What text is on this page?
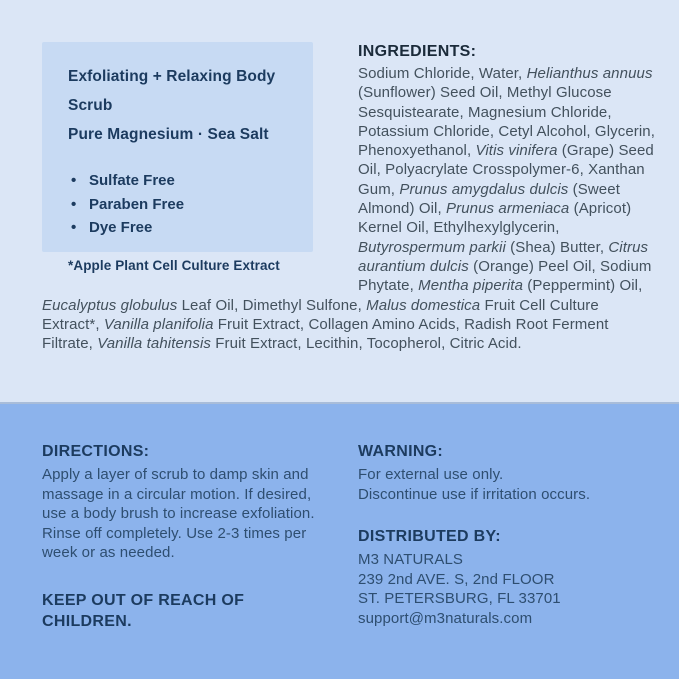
Exfoliating + Relaxing Body Scrub
Pure Magnesium · Sea Salt
• Sulfate Free
• Paraben Free
• Dye Free
*Apple Plant Cell Culture Extract
INGREDIENTS:

Sodium Chloride, Water, Helianthus annuus (Sunflower) Seed Oil, Methyl Glucose Sesquistearate, Magnesium Chloride, Potassium Chloride, Cetyl Alcohol, Glycerin, Phenoxyethanol, Vitis vinifera (Grape) Seed Oil, Polyacrylate Crosspolymer-6, Xanthan Gum, Prunus amygdalus dulcis (Sweet Almond) Oil, Prunus armeniaca (Apricot) Kernel Oil, Ethylhexylglycerin, Butyrospermum parkii (Shea) Butter, Citrus aurantium dulcis (Orange) Peel Oil, Sodium Phytate, Mentha piperita (Peppermint) Oil, Eucalyptus globulus Leaf Oil, Dimethyl Sulfone, Malus domestica Fruit Cell Culture Extract*, Vanilla planifolia Fruit Extract, Collagen Amino Acids, Radish Root Ferment Filtrate, Vanilla tahitensis Fruit Extract, Lecithin, Tocopherol, Citric Acid.

DIRECTIONS:

Apply a layer of scrub to damp skin and massage in a circular motion. If desired, use a body brush to increase exfoliation. Rinse off completely. Use 2-3 times per week or as needed.

KEEP OUT OF REACH OF CHILDREN.
WARNING:
For external use only.
Discontinue use if irritation occurs.
DISTRIBUTED BY:
M3 NATURALS
239 2nd AVE. S, 2nd FLOOR
ST. PETERSBURG, FL 33701
support@m3naturals.com
